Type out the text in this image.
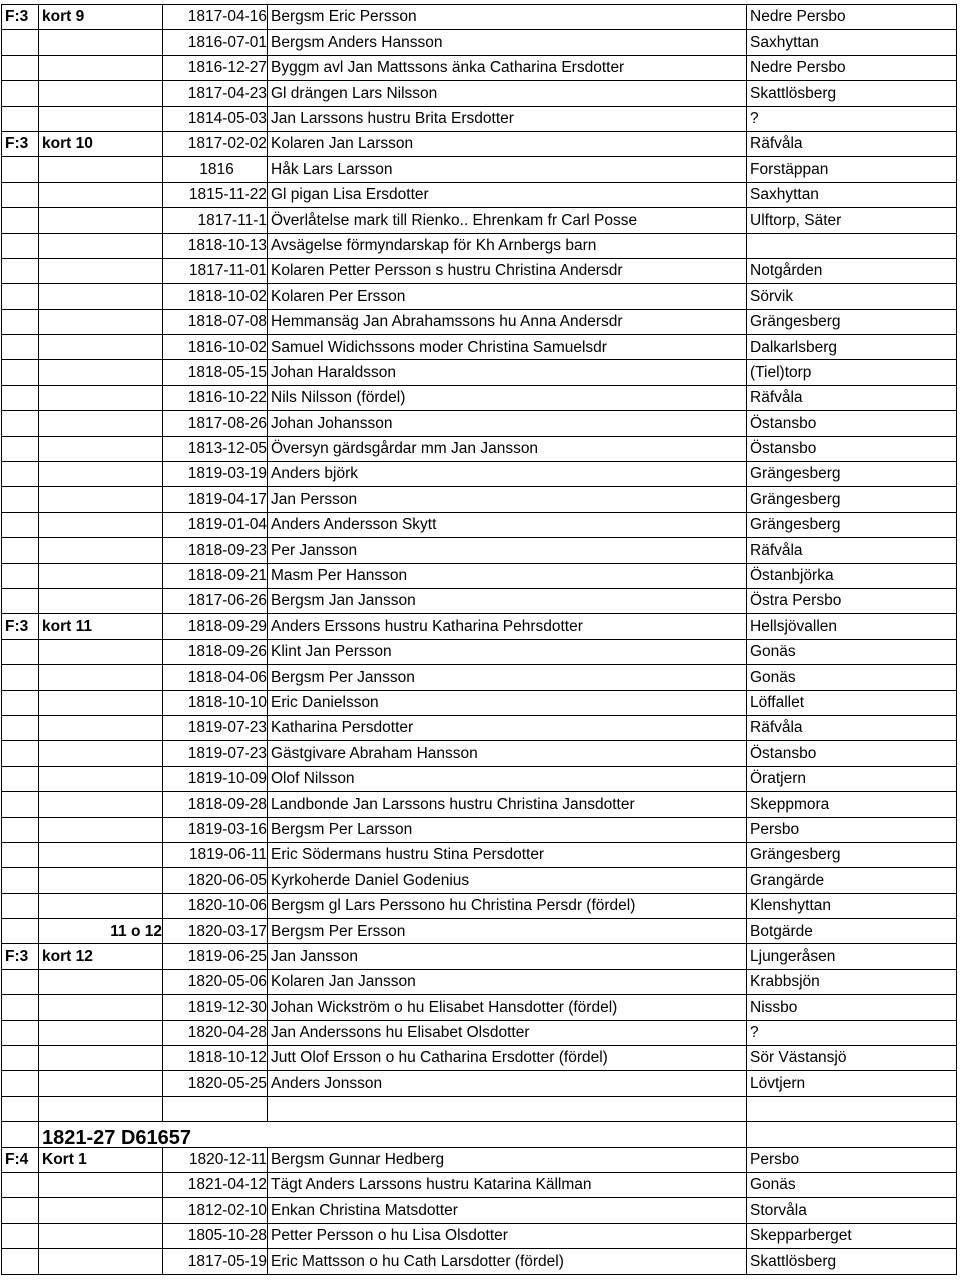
F:3	kort 9	1817-04-16	Bergsm Eric Persson	Nedre Persbo
		1816-07-01	Bergsm Anders Hansson	Saxhyttan
		1816-12-27	Byggm avl Jan Mattssons änka Catharina Ersdotter	Nedre Persbo
		1817-04-23	Gl drängen Lars Nilsson	Skattlösberg
		1814-05-03	Jan Larssons hustru Brita Ersdotter	?
F:3	kort 10	1817-02-02	Kolaren Jan Larsson	Räfvåla
		1816	Håk Lars Larsson	Forstäppan
		1815-11-22	Gl pigan Lisa Ersdotter	Saxhyttan
		1817-11-1	Överlåtelse mark till Rienko.. Ehrenkam fr Carl Posse	Ulftorp, Säter
		1818-10-13	Avsägelse förmyndarskap för Kh Arnbergs barn	
		1817-11-01	Kolaren Petter Persson s hustru Christina Andersdr	Notgården
		1818-10-02	Kolaren Per Ersson	Sörvik
		1818-07-08	Hemmansäg Jan Abrahamssons hu Anna Andersdr	Grängesberg
		1816-10-02	Samuel Widichssons moder Christina Samuelsdr	Dalkarlsberg
		1818-05-15	Johan Haraldsson	(Tiel)torp
		1816-10-22	Nils Nilsson (fördel)	Räfvåla
		1817-08-26	Johan Johansson	Östansbo
		1813-12-05	Översyn gärdsgårdar mm Jan Jansson	Östansbo
		1819-03-19	Anders björk	Grängesberg
		1819-04-17	Jan Persson	Grängesberg
		1819-01-04	Anders Andersson Skytt	Grängesberg
		1818-09-23	Per Jansson	Räfvåla
		1818-09-21	Masm Per Hansson	Östanbjörka
		1817-06-26	Bergsm Jan Jansson	Östra Persbo
F:3	kort 11	1818-09-29	Anders Erssons hustru Katharina Pehrsdotter	Hellsjövallen
		1818-09-26	Klint Jan Persson	Gonäs
		1818-04-06	Bergsm Per Jansson	Gonäs
		1818-10-10	Eric Danielsson	Löffallet
		1819-07-23	Katharina Persdotter	Räfvåla
		1819-07-23	Gästgivare Abraham Hansson	Östansbo
		1819-10-09	Olof Nilsson	Öratjern
		1818-09-28	Landbonde Jan Larssons hustru Christina Jansdotter	Skeppmora
		1819-03-16	Bergsm Per Larsson	Persbo
		1819-06-11	Eric Södermans hustru Stina Persdotter	Grängesberg
		1820-06-05	Kyrkoherde Daniel Godenius	Grangärde
		1820-10-06	Bergsm gl Lars Perssono hu Christina Persdr (fördel)	Klenshyttan
	11 o 12	1820-03-17	Bergsm Per Ersson	Botgärde
F:3	kort 12	1819-06-25	Jan Jansson	Ljungeråsen
		1820-05-06	Kolaren Jan Jansson	Krabbsjön
		1819-12-30	Johan Wickström o hu Elisabet Hansdotter (fördel)	Nissbo
		1820-04-28	Jan Anderssons hu Elisabet Olsdotter	?
		1818-10-12	Jutt Olof Ersson o hu Catharina Ersdotter (fördel)	Sör Västansjö
		1820-05-25	Anders Jonsson	Lövtjern

	1821-27 D61657			
F:4	Kort 1	1820-12-11	Bergsm Gunnar Hedberg	Persbo
		1821-04-12	Tägt Anders Larssons hustru Katarina Källman	Gonäs
		1812-02-10	Enkan Christina Matsdotter	Storvåla
		1805-10-28	Petter Persson o hu Lisa Olsdotter	Skepparberget
		1817-05-19	Eric Mattsson o hu Cath Larsdotter (fördel)	Skattlösberg
